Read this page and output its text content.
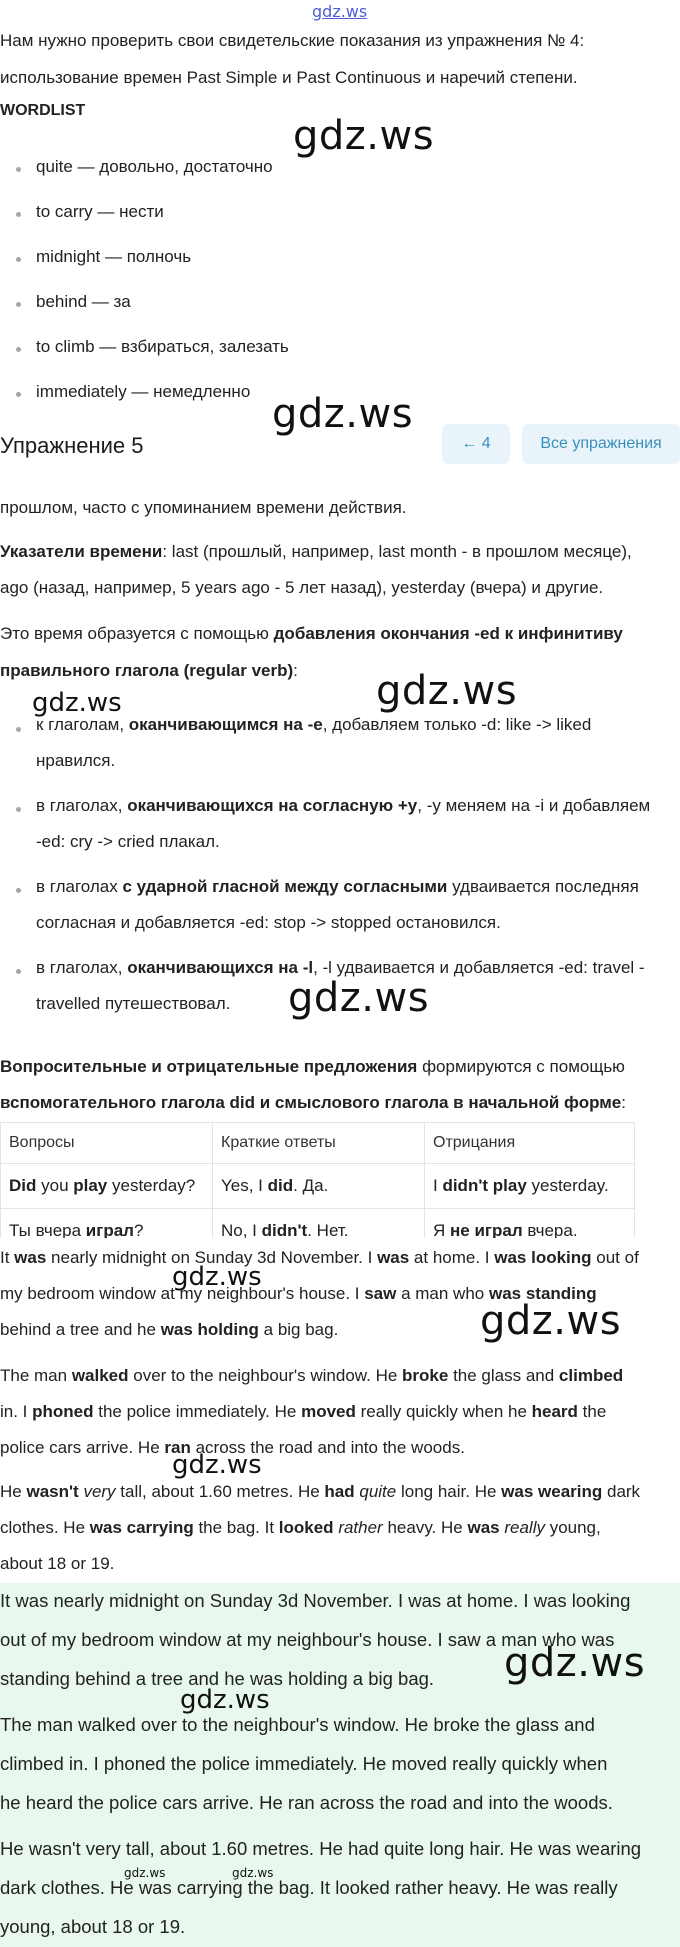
gdz.ws
Нам нужно проверить свои свидетельские показания из упражнения № 4:
использование времен Past Simple и Past Continuous и наречий степени.
WORDLIST
quite — довольно, достаточно
to carry — нести
midnight — полночь
behind — за
to climb — взбираться, залезать
immediately — немедленно
Упражнение 5	← 4	Все упражнения
прошлом, часто с упоминанием времени действия.
Указатели времени: last (прошлый, например, last month - в прошлом месяце),
ago (назад, например, 5 years ago - 5 лет назад), yesterday (вчера) и другие.
Это время образуется с помощью добавления окончания -ed к инфинитиву
правильного глагола (regular verb):
к глаголам, оканчивающимся на -e, добавляем только -d: like -> liked
нравился.
в глаголах, оканчивающихся на согласную +y, -y меняем на -i и добавляем
-ed: cry -> cried плакал.
в глаголах с ударной гласной между согласными удваивается последняя
согласная и добавляется -ed: stop -> stopped остановился.
в глаголах, оканчивающихся на -l, -l удваивается и добавляется -ed: travel -
travelled путешествовал.
Вопросительные и отрицательные предложения формируются с помощью
вспомогательного глагола did и смыслового глагола в начальной форме:
Вопросы	Краткие ответы	Отрицания
Did you play yesterday?	Yes, I did. Да.	I didn't play yesterday.
Ты вчера играл?	No, I didn't. Нет.	Я не играл вчера.
It was nearly midnight on Sunday 3d November. I was at home. I was looking out of
my bedroom window at my neighbour's house. I saw a man who was standing
behind a tree and he was holding a big bag.
The man walked over to the neighbour's window. He broke the glass and climbed
in. I phoned the police immediately. He moved really quickly when he heard the
police cars arrive. He ran across the road and into the woods.
He wasn't very tall, about 1.60 metres. He had quite long hair. He was wearing dark
clothes. He was carrying the bag. It looked rather heavy. He was really young,
about 18 or 19.
It was nearly midnight on Sunday 3d November. I was at home. I was looking
out of my bedroom window at my neighbour's house. I saw a man who was
standing behind a tree and he was holding a big bag.
The man walked over to the neighbour's window. He broke the glass and
climbed in. I phoned the police immediately. He moved really quickly when
he heard the police cars arrive. He ran across the road and into the woods.
He wasn't very tall, about 1.60 metres. He had quite long hair. He was wearing
dark clothes. He was carrying the bag. It looked rather heavy. He was really
young, about 18 or 19.
gdz.ws
gdz.ws
gdz.ws	gdz.ws
gdz.ws
gdz.ws
gdz.ws
gdz.ws
gdz.ws
gdz.ws
gdz.ws	gdz.ws
